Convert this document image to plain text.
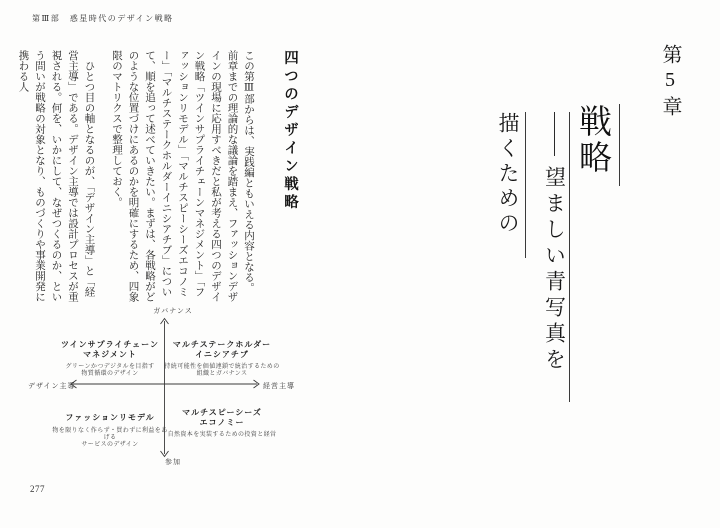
第Ⅲ部　惑星時代のデザイン戦略
四つのデザイン戦略

この第Ⅲ部からは、実践編ともいえる内容となる。前章までの理論的な議論を踏まえ、ファッションデザインの現場に応用すべきだと私が考える四つのデザイン戦略「ツインサプライチェーンマネジメント」「ファッションリモデル」「マルチスピーシーズエコノミー」「マルチステークホルダーイニシアチブ」について、順を追って述べていきたい。まずは、各戦略がどのような位置づけにあるのかを明確にするため、四象限のマトリクスで整理しておく。

　ひとつ目の軸となるのが、「デザイン主導」と「経営主導」である。デザイン主導では設計プロセスが重視される。何を、いかにして、なぜつくるのか、という問いが戦略の対象となり、ものづくりや事業開発に携わる人

ガバナンス
参加
デザイン主導	経営主導
ツインサプライチェーン
マネジメント
グリーンかつデジタルを目指す
物質循環のデザイン
マルチステークホルダー
イニシアチブ
持続可能性を価値連鎖で統治するための
組織とガバナンス
ファッションリモデル
物を限りなく作らず・買わずに利益をあげる
サービスのデザイン
マルチスピーシーズ
エコノミー
自然資本を実装するための投資と経営
277
第5章
戦略
望ましい青写真を
描くための
